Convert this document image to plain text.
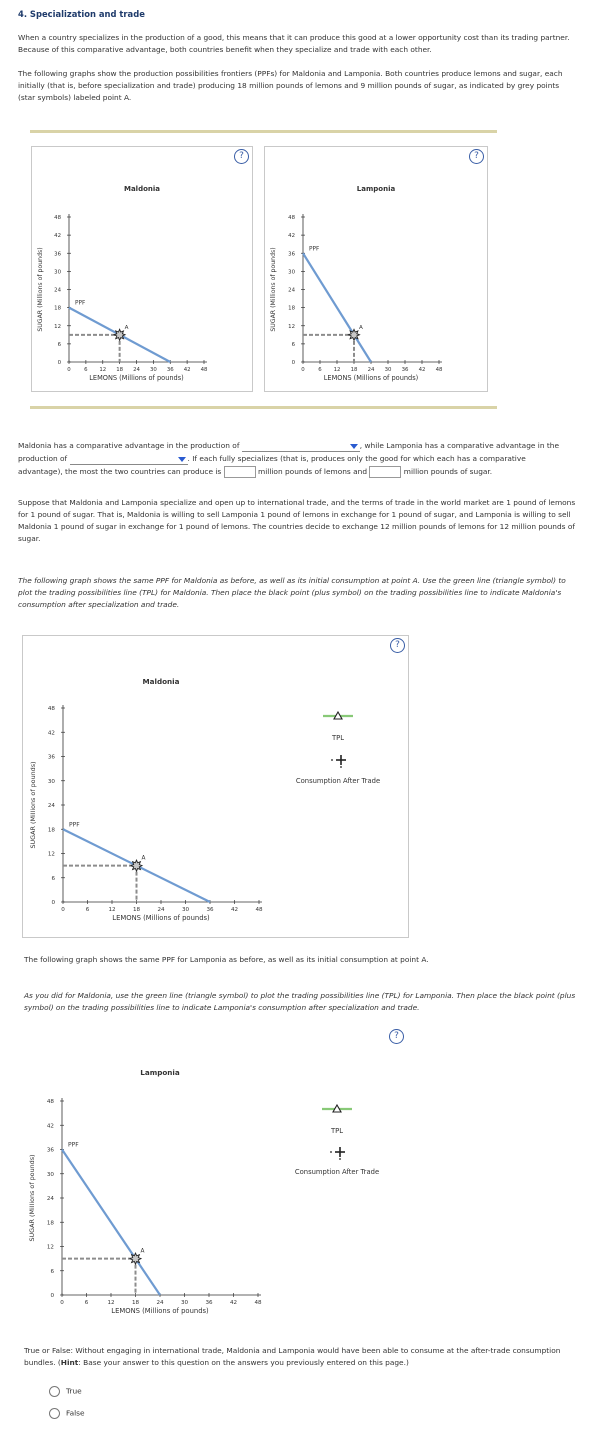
4. Specialization and trade
When a country specializes in the production of a good, this means that it can produce this good at a lower opportunity cost than its trading partner. Because of this comparative advantage, both countries benefit when they specialize and trade with each other.
The following graphs show the production possibilities frontiers (PPFs) for Maldonia and Lamponia. Both countries produce lemons and sugar, each initially (that is, before specialization and trade) producing 18 million pounds of lemons and 9 million pounds of sugar, as indicated by grey points (star symbols) labeled point A.
?
Maldonia
0 6 12 18 24 30 36 42 48
0
6
12
18
24
30
36
42
48
LEMONS (Millions of pounds)
SUGAR (Millions of pounds)	PPF
A
?
Lamponia
0	6 12 18 24 30 36 42 48
0
6
12
18
24
30
36
42
48
LEMONS (Millions of pounds)
SUGAR (Millions of pounds)	PPF
A
Maldonia has a comparative advantage in the production of	, while Lamponia has a comparative advantage in the
production of	. If each fully specializes (that is, produces only the good for which each has a comparative
advantage), the most the two countries can produce is	million pounds of lemons and	million pounds of sugar.
Suppose that Maldonia and Lamponia specialize and open up to international trade, and the terms of trade in the world market are 1 pound of lemons for 1 pound of sugar. That is, Maldonia is willing to sell Lamponia 1 pound of lemons in exchange for 1 pound of sugar, and Lamponia is willing to sell Maldonia 1 pound of sugar in exchange for 1 pound of lemons. The countries decide to exchange 12 million pounds of lemons for 12 million pounds of sugar.
The following graph shows the same PPF for Maldonia as before, as well as its initial consumption at point A. Use the green line (triangle symbol) to plot the trading possibilities line (TPL) for Maldonia. Then place the black point (plus symbol) on the trading possibilities line to indicate Maldonia's consumption after specialization and trade.
?
Maldonia
0	6	12	18	24	30	36	42	48
0
6
12
18
24
30
36
42
48
LEMONS (Millions of pounds)
SUGAR (Millions of pounds)	PPF
A
TPL
Consumption After Trade
The following graph shows the same PPF for Lamponia as before, as well as its initial consumption at point A.
As you did for Maldonia, use the green line (triangle symbol) to plot the trading possibilities line (TPL) for Lamponia. Then place the black point (plus symbol) on the trading possibilities line to indicate Lamponia's consumption after specialization and trade.
?
Lamponia
0	6	12	18	24	30	36	42	48
0
6
12
18
24
30
36
42
48
LEMONS (Millions of pounds)
SUGAR (Millions of pounds)
PPF
A
TPL
Consumption After Trade
True or False: Without engaging in international trade, Maldonia and Lamponia would have been able to consume at the after-trade consumption bundles. (Hint: Base your answer to this question on the answers you previously entered on this page.)
True
False
